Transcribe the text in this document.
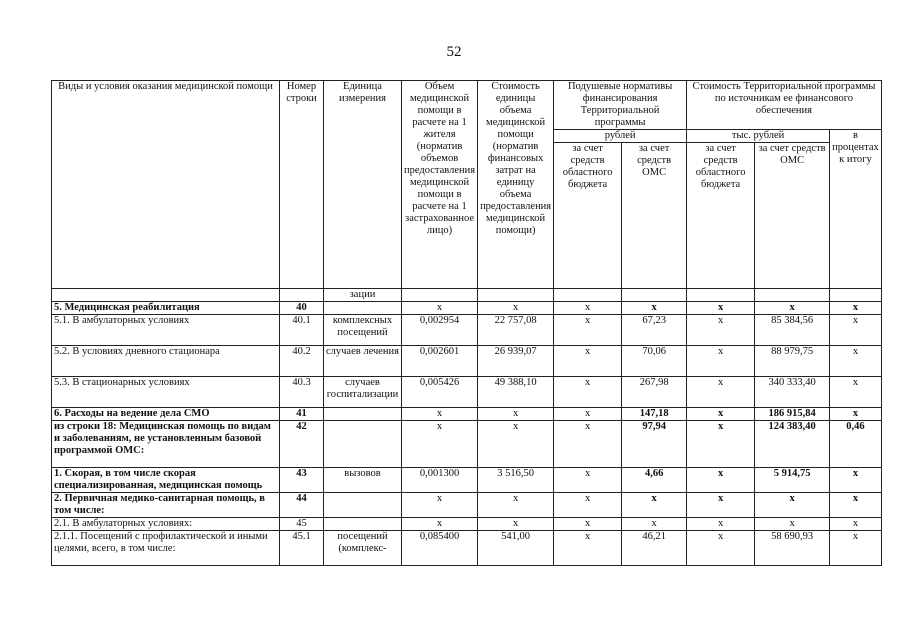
52
Виды и условия оказания медицинской помощи	Номер строки	Единица измерения	Объем медицинской помощи в расчете на 1 жителя (норматив объемов предоставления медицинской помощи в расчете на 1 застрахованное лицо)	Стоимость единицы объема медицинской помощи (норматив финансовых затрат на единицу объема предоставления медицинской помощи)	Подушевые нормативы финансирования Территориальной программы		Стоимость Территориальной программы по источникам ее финансового обеспечения		
					рублей		тыс. рублей		в процентах к итогу
					за счет средств областного бюджета	за счет средств ОМС	за счет средств областного бюджета	за счет средств ОМС	
		зации							
5. Медицинская реабилитация	40		х	х	х	х	х	х	х
5.1. В амбулаторных условиях	40.1	комплексных посещений	0,002954	22 757,08	х	67,23	х	85 384,56	х
5.2. В условиях дневного стационара	40.2	случаев лечения	0,002601	26 939,07	х	70,06	х	88 979,75	х
5.3. В стационарных условиях	40.3	случаев госпитализации	0,005426	49 388,10	х	267,98	х	340 333,40	х
6. Расходы на ведение дела СМО	41		х	х	х	147,18	х	186 915,84	х
из строки 18: Медицинская помощь по видам и заболеваниям, не установленным базовой программой ОМС:	42		х	х	х	97,94	х	124 383,40	0,46
1. Скорая, в том числе скорая специализированная, медицинская помощь	43	вызовов	0,001300	3 516,50	х	4,66	х	5 914,75	х
2. Первичная медико-санитарная помощь, в том числе:	44		х	х	х	х	х	х	х
2.1. В амбулаторных условиях:	45		х	х	х	х	х	х	х
2.1.1. Посещений с профилактической и иными целями, всего, в том числе:	45.1	посещений (комплекс-	0,085400	541,00	х	46,21	х	58 690,93	х
